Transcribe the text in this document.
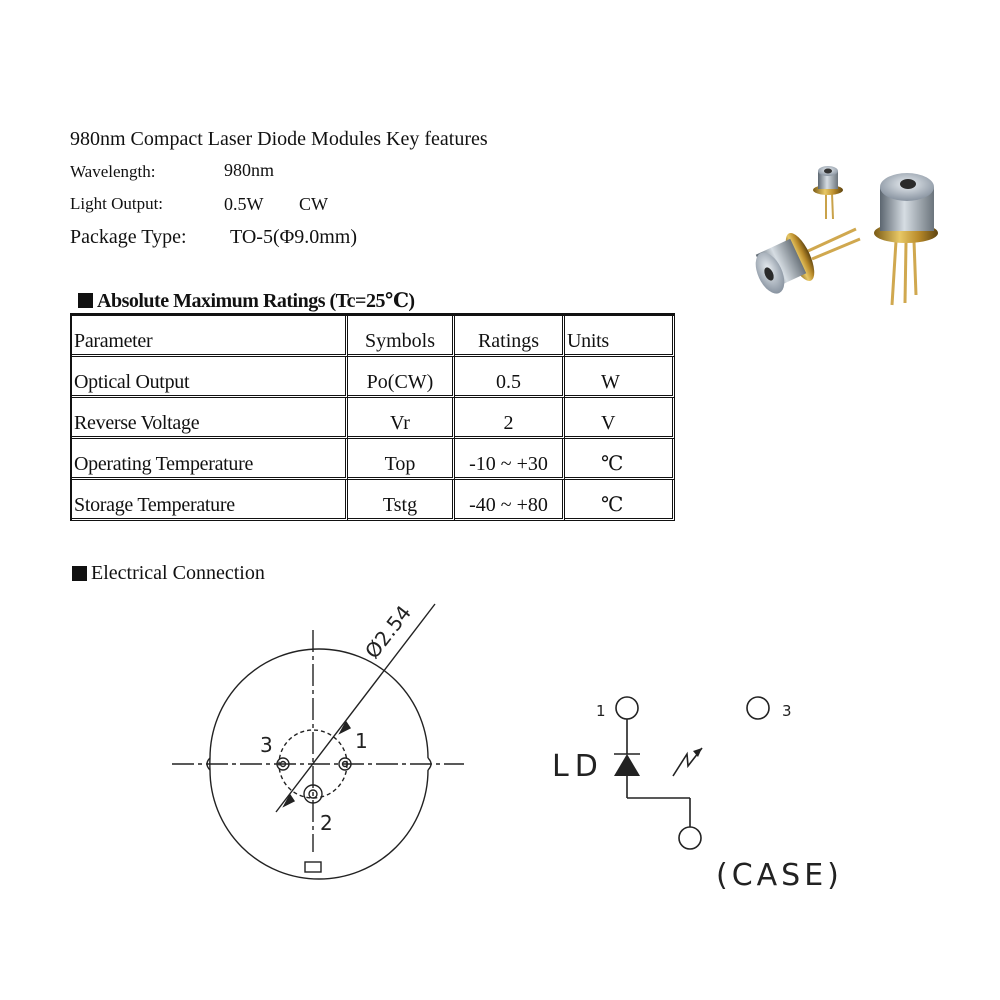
980nm Compact Laser Diode Modules Key features
Wavelength:	980nm
Light Output:	0.5W CW
Package Type: TO-5(Φ9.0mm)
Absolute Maximum Ratings (Tc=25℃)
Parameter	Symbols	Ratings	Units
Optical Output	Po(CW)	0.5	W
Reverse Voltage	Vr	2	V
Operating Temperature	Top	-10 ~ +30	℃
Storage Temperature	Tstg	-40 ~ +80	℃
Electrical Connection
Ø2.54
1
2
3
1	3
LD
(CASE)
